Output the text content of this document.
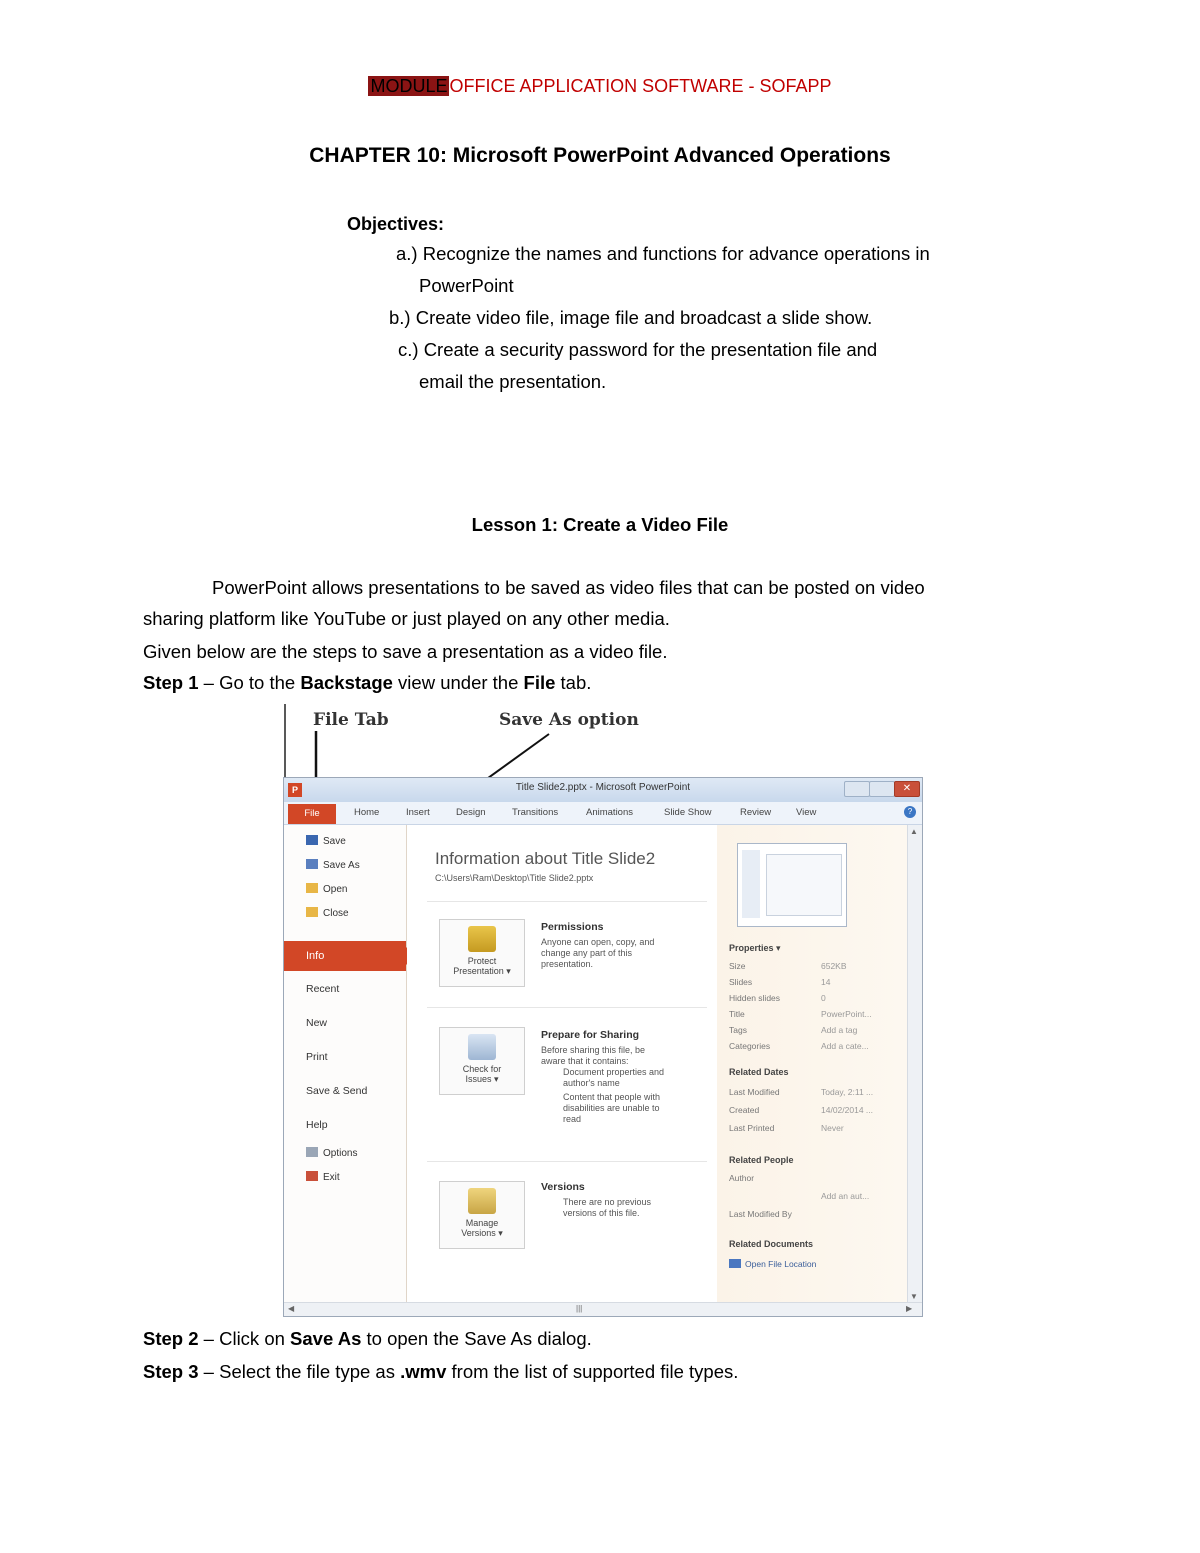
MODULE OFFICE APPLICATION SOFTWARE - SOFAPP
CHAPTER 10: Microsoft PowerPoint Advanced Operations
Objectives:
a.) Recognize the names and functions for advance operations in
PowerPoint
b.) Create video file, image file and broadcast a slide show.
c.) Create a security password for the presentation file and
email the presentation.
Lesson 1: Create a Video File
PowerPoint allows presentations to be saved as video files that can be posted on video
sharing platform like YouTube or just played on any other media.
Given below are the steps to save a presentation as a video file.
Step 1 – Go to the Backstage view under the File tab.
File Tab	Save As option
P	Title Slide2.pptx - Microsoft PowerPoint	✕
File	Home	Insert	Design	Transitions	Animations	Slide Show	Review	View	?
Save
Save As
Open
Close
Info
Recent
New
Print
Save & Send
Help
Options
Exit
Information about Title Slide2
C:\Users\Ram\Desktop\Title Slide2.pptx
Protect
Presentation ▾
Permissions
Anyone can open, copy, and
change any part of this
presentation.
Check for
Issues ▾
Prepare for Sharing
Before sharing this file, be
aware that it contains:
Document properties and
author's name
Content that people with
disabilities are unable to
read
Manage
Versions ▾
Versions
There are no previous
versions of this file.
Properties ▾
Size	652KB
Slides	14
Hidden slides	0
Title	PowerPoint...
Tags	Add a tag
Categories	Add a cate...
Related Dates
Last Modified	Today, 2:11 ...
Created	14/02/2014 ...
Last Printed	Never
Related People
Author
Add an aut...
Last Modified By
Related Documents
Open File Location
▲
▼
◀	|||	▶
Step 2 – Click on Save As to open the Save As dialog.
Step 3 – Select the file type as .wmv from the list of supported file types.
